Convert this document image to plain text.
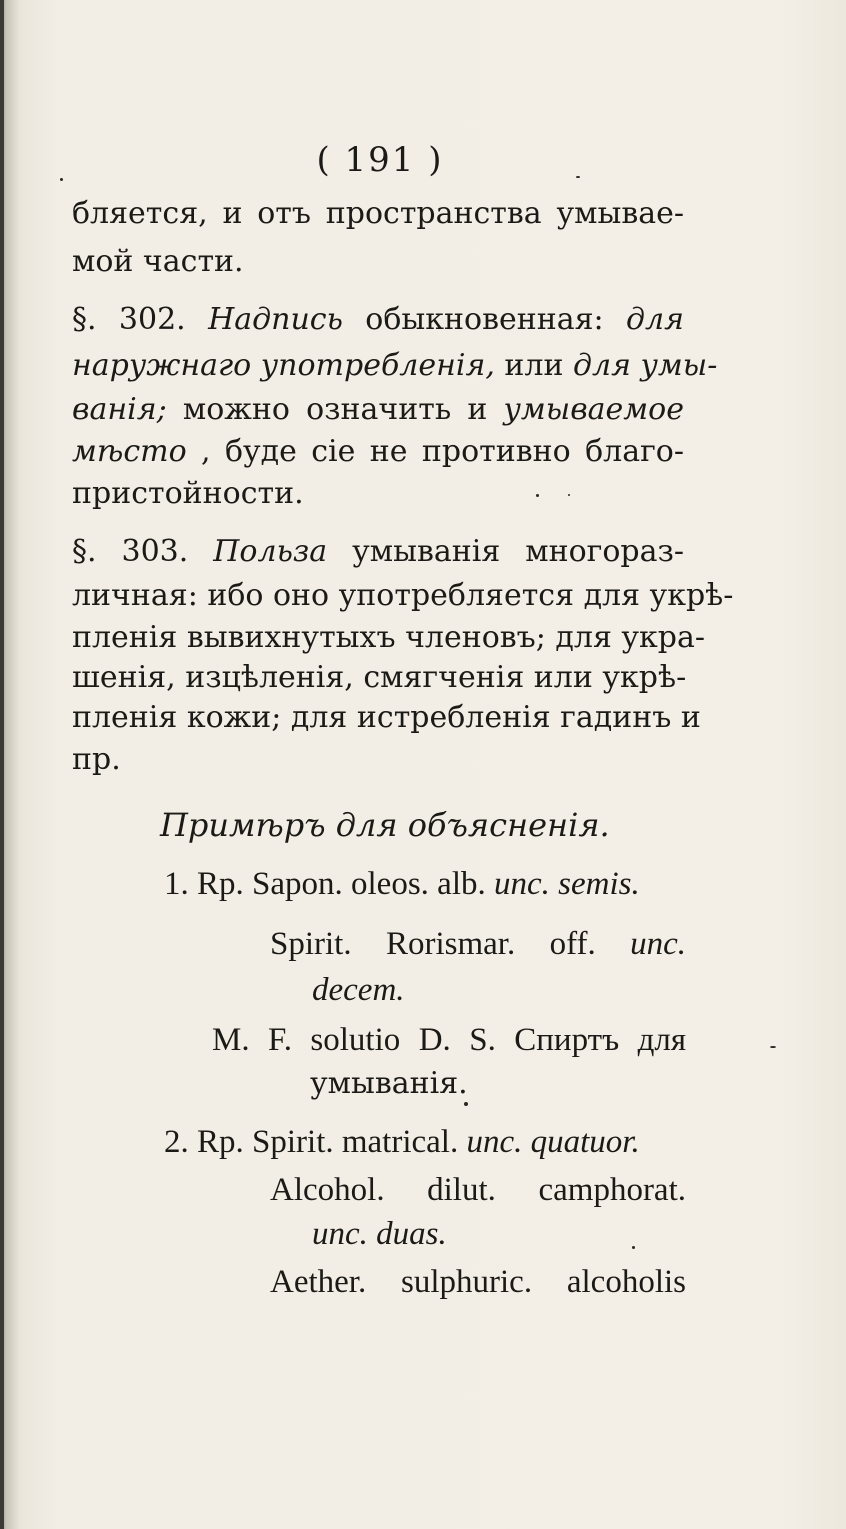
( 191 )
бляется, и отъ пространства умывае-
мой части.
§. 302. Надпись обыкновенная: для
наружнаго употребленiя, или для умы-
ванiя; можно означить и умываемое
мѣсто , буде сiе не противно благо-
пристойности.
§. 303. Польза умыванiя многораз-
личная: ибо оно употребляется для укрѣ-
пленiя вывихнутыхъ членовъ; для укра-
шенiя, изцѣленiя, смягченiя или укрѣ-
пленiя кожи; для истребленiя гадинъ и
пр.
Примѣръ для объясненiя.
1. Rp. Sapon. oleos. alb. unc. semis.
Spirit. Rorismar. off. unc.
decem.
M. F. solutio D. S. Спиртъ для
умыванiя.
2. Rp. Spirit. matrical. unc. quatuor.
Alcohol. dilut. camphorat.
unc. duas.
Aether. sulphuric. alcoholis
